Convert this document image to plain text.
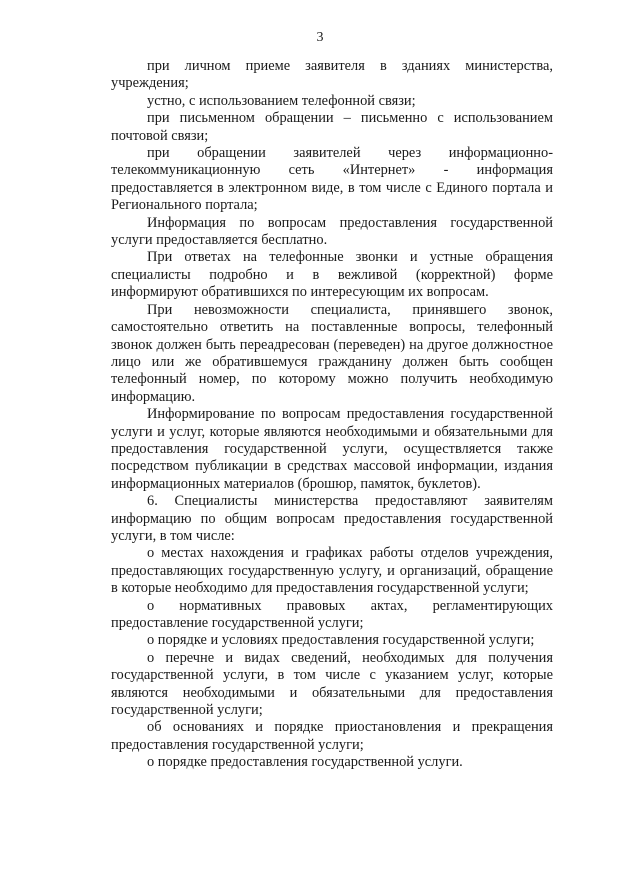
3

при личном приеме заявителя в зданиях министерства, учреждения;

устно, с использованием телефонной связи;

при письменном обращении – письменно с использованием почтовой связи;

при обращении заявителей через информационно-телекоммуникационную сеть «Интернет» - информация предоставляется в электронном виде, в том числе с Единого портала и Регионального портала;

Информация по вопросам предоставления государственной услуги предоставляется бесплатно.

При ответах на телефонные звонки и устные обращения специалисты подробно и в вежливой (корректной) форме информируют обратившихся по интересующим их вопросам.

При невозможности специалиста, принявшего звонок, самостоятельно ответить на поставленные вопросы, телефонный звонок должен быть переадресован (переведен) на другое должностное лицо или же обратившемуся гражданину должен быть сообщен телефонный номер, по которому можно получить необходимую информацию.

Информирование по вопросам предоставления государственной услуги и услуг, которые являются необходимыми и обязательными для предоставления государственной услуги, осуществляется также посредством публикации в средствах массовой информации, издания информационных материалов (брошюр, памяток, буклетов).

6. Специалисты министерства предоставляют заявителям информацию по общим вопросам предоставления государственной услуги, в том числе:

о местах нахождения и графиках работы отделов учреждения, предоставляющих государственную услугу, и организаций, обращение в которые необходимо для предоставления государственной услуги;

о нормативных правовых актах, регламентирующих предоставление государственной услуги;

о порядке и условиях предоставления государственной услуги;

о перечне и видах сведений, необходимых для получения государственной услуги, в том числе с указанием услуг, которые являются необходимыми и обязательными для предоставления государственной услуги;

об основаниях и порядке приостановления и прекращения предоставления государственной услуги;

о порядке предоставления государственной услуги.
